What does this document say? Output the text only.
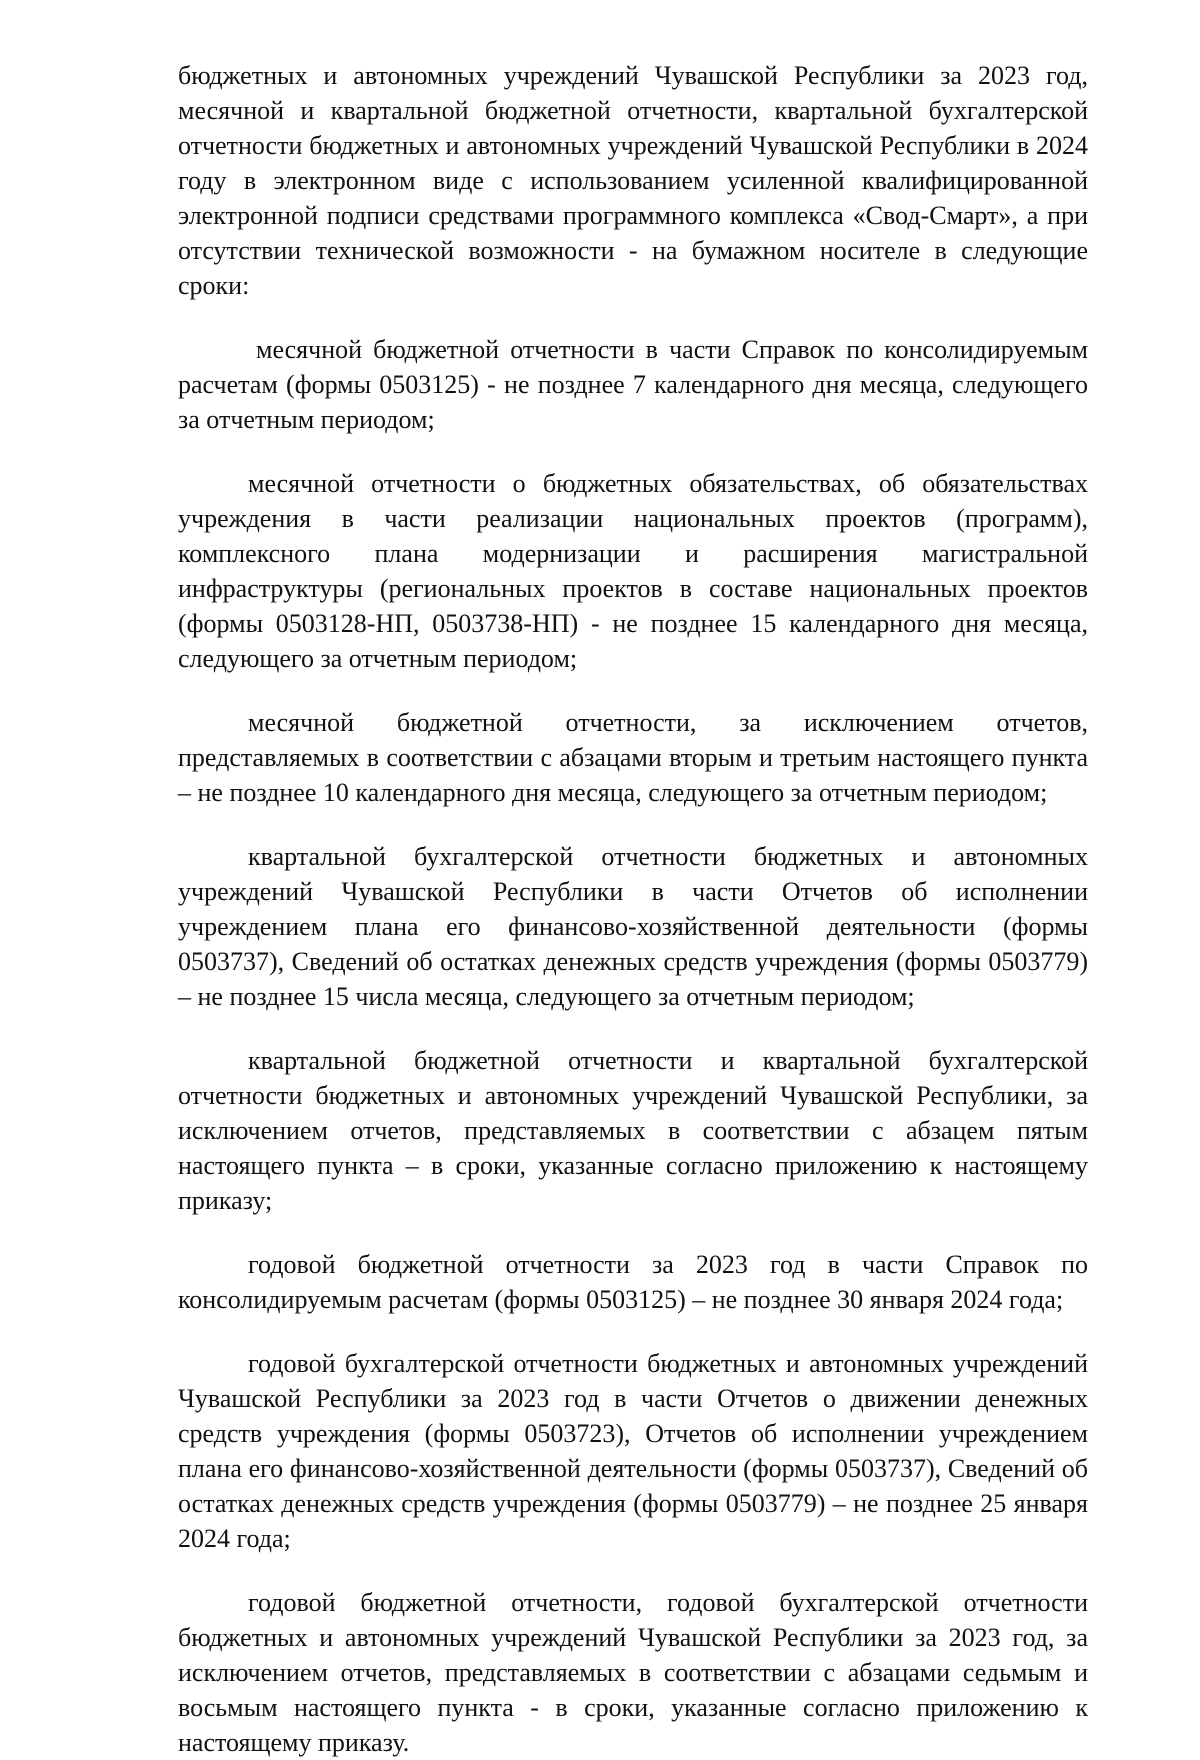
бюджетных и автономных учреждений Чувашской Республики за 2023 год, месячной и квартальной бюджетной отчетности, квартальной бухгалтерской отчетности бюджетных и автономных учреждений Чувашской Республики в 2024 году в электронном виде с использованием усиленной квалифицированной электронной подписи средствами программного комплекса «Свод-Смарт», а при отсутствии технической возможности - на бумажном носителе в следующие сроки:

месячной бюджетной отчетности в части Справок по консолидируемым расчетам (формы 0503125) - не позднее 7 календарного дня месяца, следующего за отчетным периодом;

месячной отчетности о бюджетных обязательствах, об обязательствах учреждения в части реализации национальных проектов (программ), комплексного плана модернизации и расширения магистральной инфраструктуры (региональных проектов в составе национальных проектов (формы 0503128-НП, 0503738-НП) - не позднее 15 календарного дня месяца, следующего за отчетным периодом;

месячной бюджетной отчетности, за исключением отчетов, представляемых в соответствии с абзацами вторым и третьим настоящего пункта – не позднее 10 календарного дня месяца, следующего за отчетным периодом;

квартальной бухгалтерской отчетности бюджетных и автономных учреждений Чувашской Республики в части Отчетов об исполнении учреждением плана его финансово-хозяйственной деятельности (формы 0503737), Сведений об остатках денежных средств учреждения (формы 0503779) – не позднее 15 числа месяца, следующего за отчетным периодом;

квартальной бюджетной отчетности и квартальной бухгалтерской отчетности бюджетных и автономных учреждений Чувашской Республики, за исключением отчетов, представляемых в соответствии с абзацем пятым настоящего пункта – в сроки, указанные согласно приложению к настоящему приказу;

годовой бюджетной отчетности за 2023 год в части Справок по консолидируемым расчетам (формы 0503125) – не позднее 30 января 2024 года;

годовой бухгалтерской отчетности бюджетных и автономных учреждений Чувашской Республики за 2023 год в части Отчетов о движении денежных средств учреждения (формы 0503723), Отчетов об исполнении учреждением плана его финансово-хозяйственной деятельности (формы 0503737), Сведений об остатках денежных средств учреждения (формы 0503779) – не позднее 25 января 2024 года;

годовой бюджетной отчетности, годовой бухгалтерской отчетности бюджетных и автономных учреждений Чувашской Республики за 2023 год, за исключением отчетов, представляемых в соответствии с абзацами седьмым и восьмым настоящего пункта - в сроки, указанные согласно приложению к настоящему приказу.
